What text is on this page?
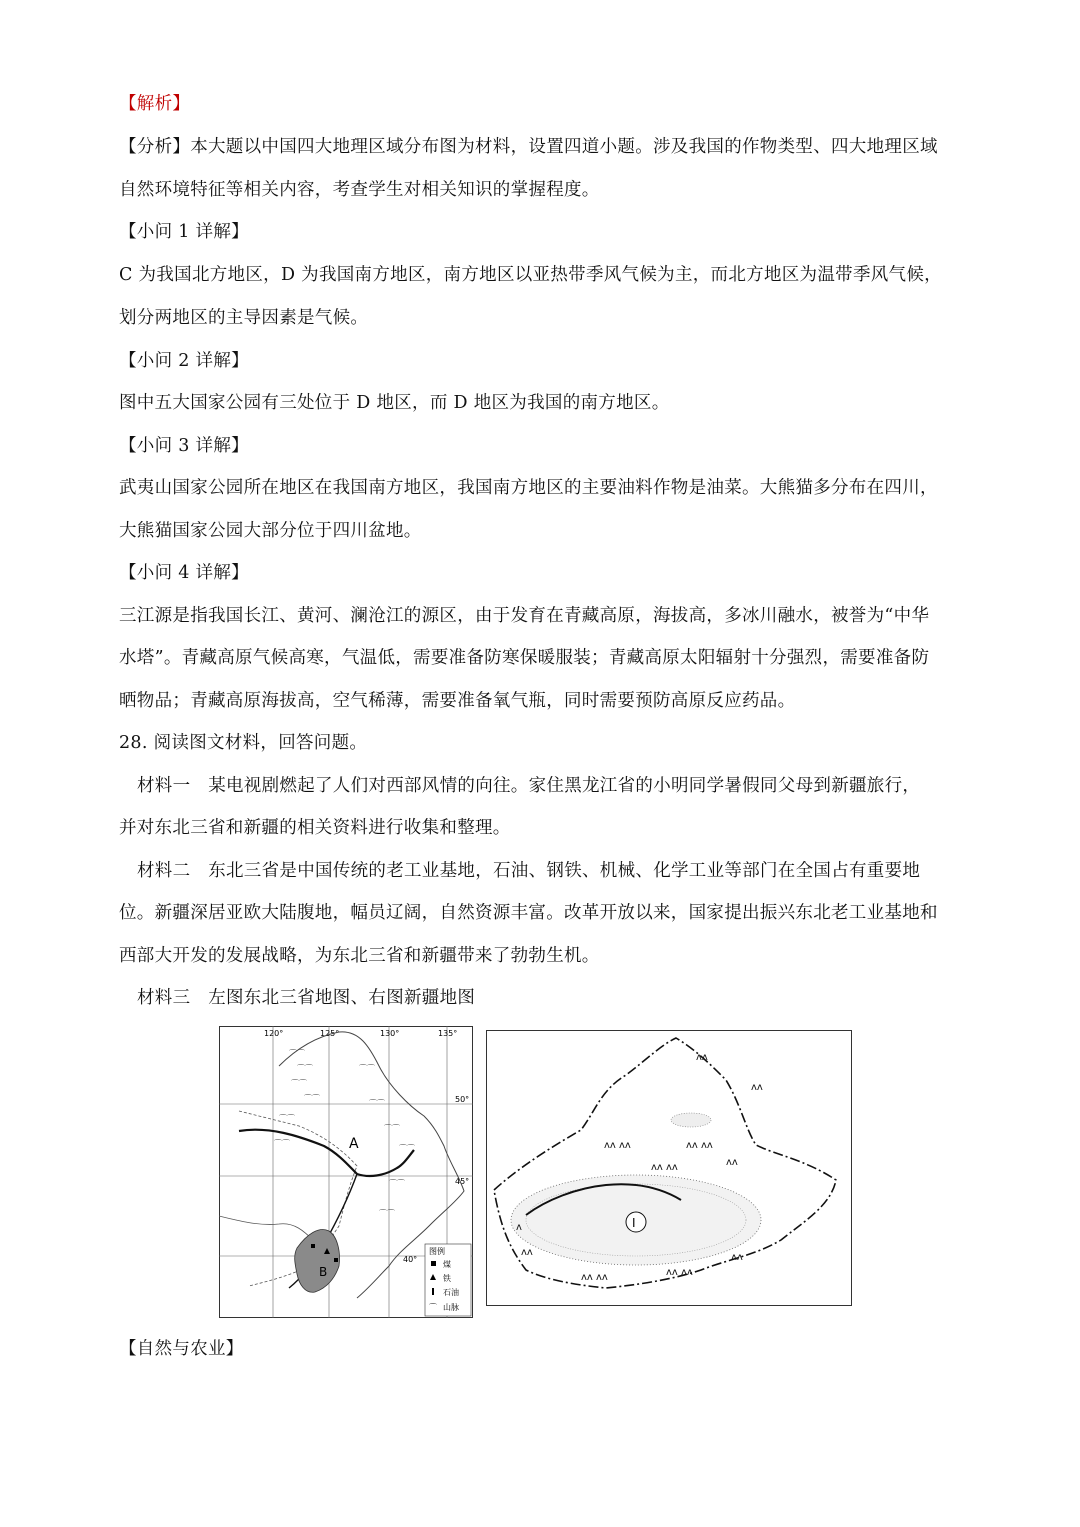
【解析】
【分析】本大题以中国四大地理区域分布图为材料，设置四道小题。涉及我国的作物类型、四大地理区域
自然环境特征等相关内容，考查学生对相关知识的掌握程度。
【小问 1 详解】
C 为我国北方地区，D 为我国南方地区，南方地区以亚热带季风气候为主，而北方地区为温带季风气候，
划分两地区的主导因素是气候。
【小问 2 详解】
图中五大国家公园有三处位于 D 地区，而 D 地区为我国的南方地区。
【小问 3 详解】
武夷山国家公园所在地区在我国南方地区，我国南方地区的主要油料作物是油菜。大熊猫多分布在四川，
大熊猫国家公园大部分位于四川盆地。
【小问 4 详解】
三江源是指我国长江、黄河、澜沧江的源区，由于发育在青藏高原，海拔高，多冰川融水，被誉为“中华
水塔”。青藏高原气候高寒，气温低，需要准备防寒保暖服装；青藏高原太阳辐射十分强烈，需要准备防
晒物品；青藏高原海拔高，空气稀薄，需要准备氧气瓶，同时需要预防高原反应药品。
28. 阅读图文材料，回答问题。
材料一　某电视剧燃起了人们对西部风情的向往。家住黑龙江省的小明同学暑假同父母到新疆旅行，
并对东北三省和新疆的相关资料进行收集和整理。
材料二　东北三省是中国传统的老工业基地，石油、钢铁、机械、化学工业等部门在全国占有重要地
位。新疆深居亚欧大陆腹地，幅员辽阔，自然资源丰富。改革开放以来，国家提出振兴东北老工业基地和
西部大开发的发展战略，为东北三省和新疆带来了勃勃生机。
材料三　左图东北三省地图、右图新疆地图
120°	125°	130°	135°
50°
45°
40°
⌒⌒
⌒⌒
⌒⌒
⌒⌒
⌒⌒
⌒⌒
⌒⌒
⌒⌒
⌒⌒
⌒⌒
⌒⌒
⌒⌒
A
B
图例
煤
铁
石油
⌒ 山脉
ʌʌ ʌʌ	ʌʌ ʌʌ
ʌʌ ʌʌ	ʌʌ
ʌ
ʌʌ
ʌʌ ʌʌ	ʌʌ ʌʌ
ʌʌ
ʌʌ
ʌʌ
Ⅰ
【自然与农业】
